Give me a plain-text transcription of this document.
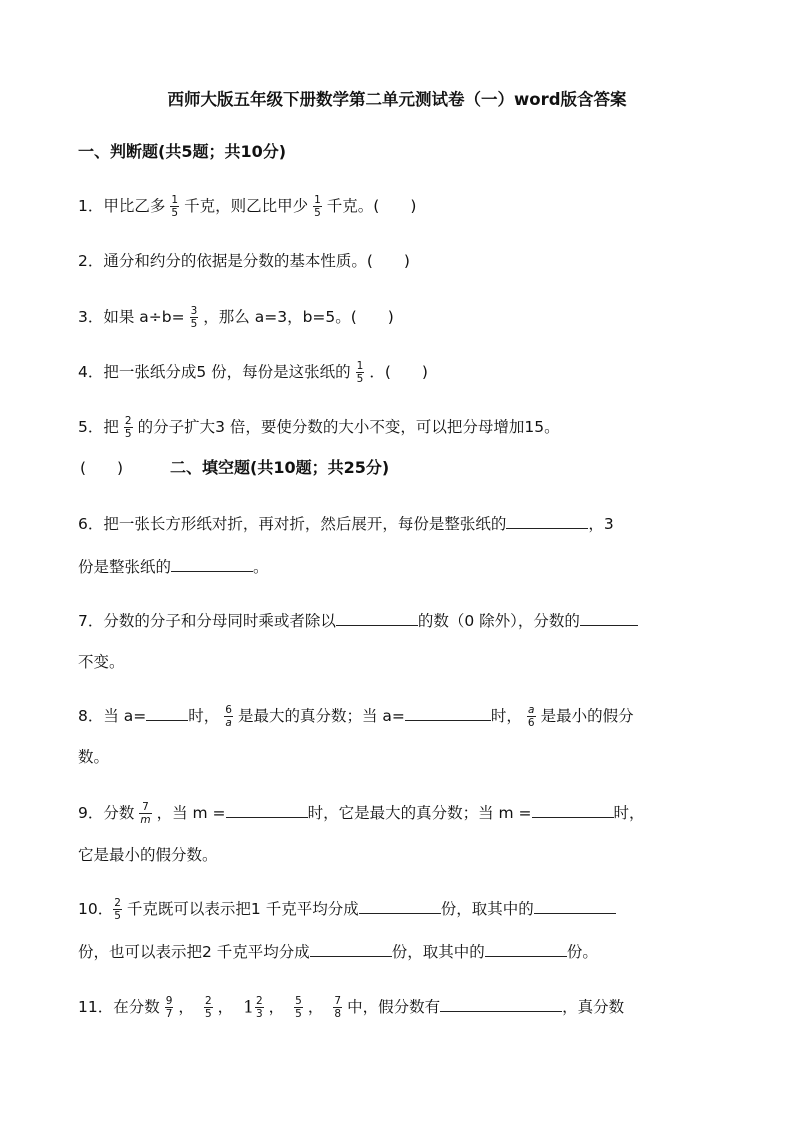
西师大版五年级下册数学第二单元测试卷（一）word版含答案
一、判断题(共5题；共10分)
1．甲比乙多 $\frac{1}{5}$ 千克，则乙比甲少 $\frac{1}{5}$ 千克。(　　)
2．通分和约分的依据是分数的基本性质。(　　)
3．如果 $a\div b= \frac{3}{5}$ ，那么 a=3，b=5。(　　)
4．把一张纸分成5 份，每份是这张纸的 $\frac{1}{5}$ ．(　　)
5．把 $\frac{2}{5}$ 的分子扩大3 倍，要使分数的大小不变，可以把分母增加15。
(　　)	二、填空题(共10题；共25分)
6．把一张长方形纸对折，再对折，然后展开，每份是整张纸的	，3
份是整张纸的	。
7．分数的分子和分母同时乘或者除以	的数（0 除外），分数的
不变。
8．当 a=	时， $\frac{6}{a}$ 是最大的真分数；当 a=	时， $\frac{a}{6}$ 是最小的假分
数。
9．分数 $\frac{7}{m}$ ，当 m =	时，它是最大的真分数；当 m =	时，
它是最小的假分数。
10． $\frac{2}{5}$ 千克既可以表示把1 千克平均分成	份，取其中的
份，也可以表示把2 千克平均分成	份，取其中的	份。
11．在分数 $\frac{9}{7}$ ， $\frac{2}{5}$ ， $1 \frac{2}{3}$ ， $\frac{5}{5}$ ， $\frac{7}{8}$ 中，假分数有	，真分数
